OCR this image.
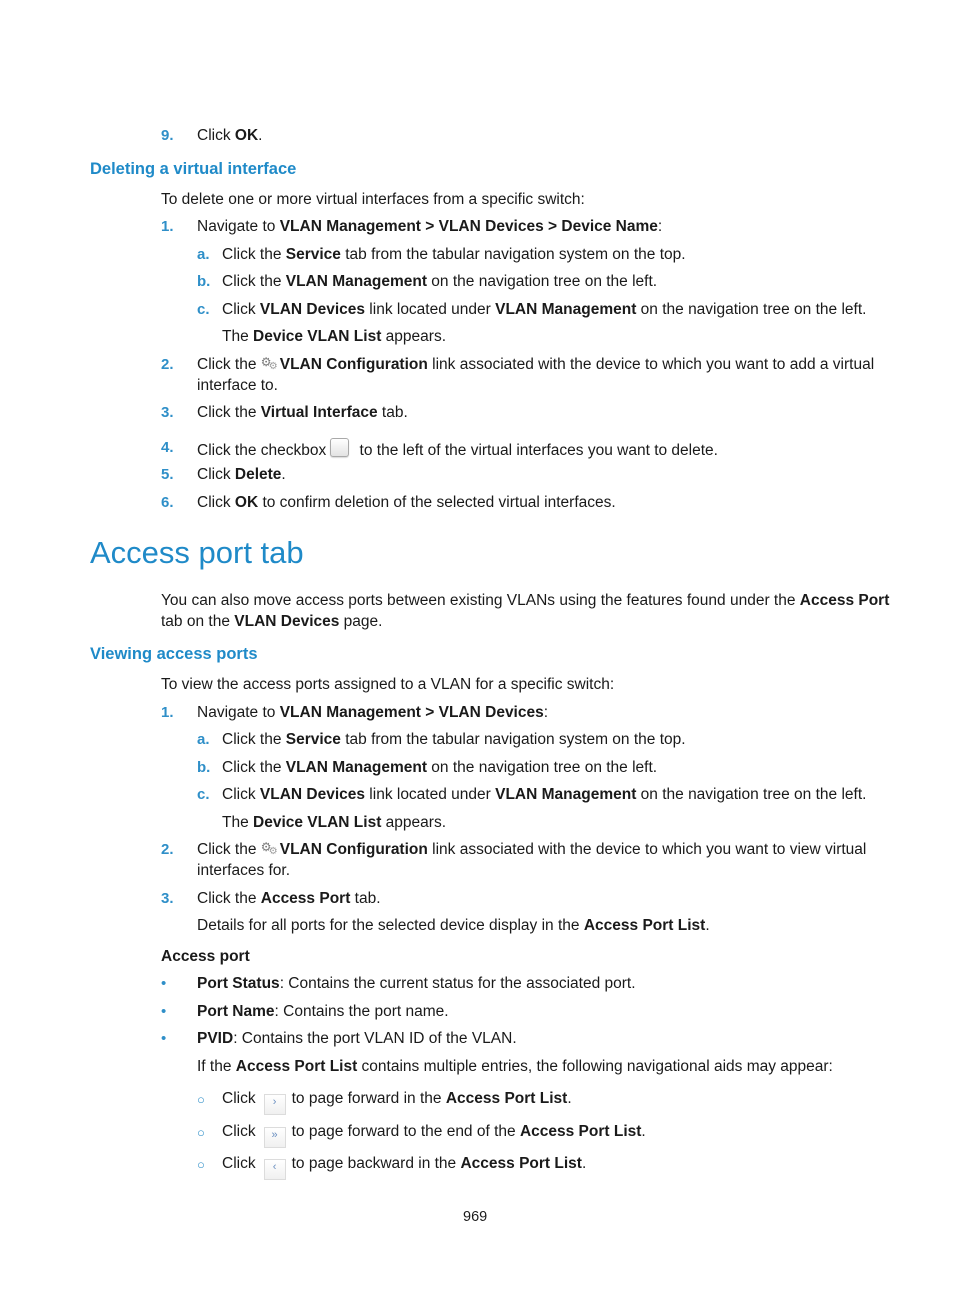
9. Click OK.
Deleting a virtual interface
To delete one or more virtual interfaces from a specific switch:
1. Navigate to VLAN Management > VLAN Devices > Device Name:
a. Click the Service tab from the tabular navigation system on the top.
b. Click the VLAN Management on the navigation tree on the left.
c. Click VLAN Devices link located under VLAN Management on the navigation tree on the left.
The Device VLAN List appears.
2. Click the ⚙ ⚙VLAN Configuration link associated with the device to which you want to add a virtual
interface to.
3. Click the Virtual Interface tab.
4. Click the checkbox to the left of the virtual interfaces you want to delete.
5. Click Delete.
6. Click OK to confirm deletion of the selected virtual interfaces.
Access port tab
You can also move access ports between existing VLANs using the features found under the Access Port
tab on the VLAN Devices page.
Viewing access ports
To view the access ports assigned to a VLAN for a specific switch:
1. Navigate to VLAN Management > VLAN Devices:
a. Click the Service tab from the tabular navigation system on the top.
b. Click the VLAN Management on the navigation tree on the left.
c. Click VLAN Devices link located under VLAN Management on the navigation tree on the left.
The Device VLAN List appears.
2. Click the ⚙ ⚙VLAN Configuration link associated with the device to which you want to view virtual
interfaces for.
3. Click the Access Port tab.
Details for all ports for the selected device display in the Access Port List.
Access port
• Port Status: Contains the current status for the associated port.
• Port Name: Contains the port name.
• PVID: Contains the port VLAN ID of the VLAN.
If the Access Port List contains multiple entries, the following navigational aids may appear:
○ Click › to page forward in the Access Port List.
○ Click » to page forward to the end of the Access Port List.
○ Click ‹ to page backward in the Access Port List.
969
